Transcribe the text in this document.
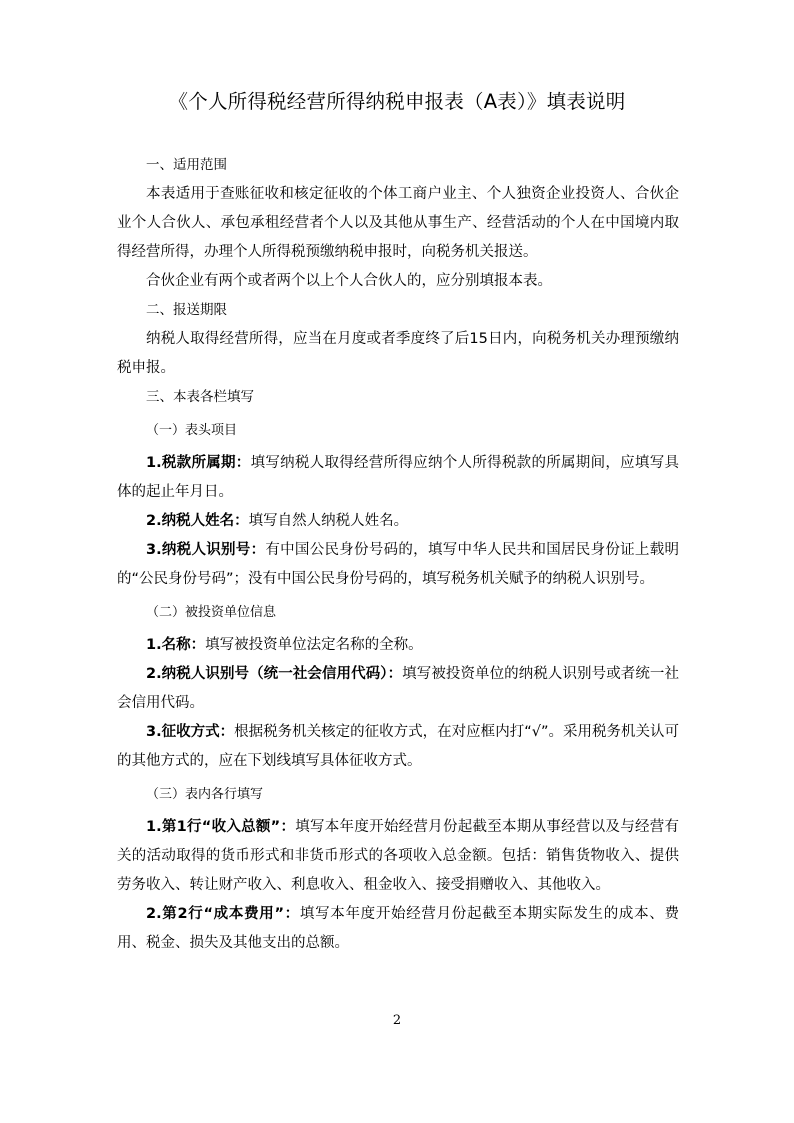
《个人所得税经营所得纳税申报表（A表）》填表说明

一、适用范围

本表适用于查账征收和核定征收的个体工商户业主、个人独资企业投资人、合伙企业个人合伙人、承包承租经营者个人以及其他从事生产、经营活动的个人在中国境内取得经营所得，办理个人所得税预缴纳税申报时，向税务机关报送。

合伙企业有两个或者两个以上个人合伙人的，应分别填报本表。

二、报送期限

纳税人取得经营所得，应当在月度或者季度终了后15日内，向税务机关办理预缴纳税申报。

三、本表各栏填写

（一）表头项目

1.税款所属期：填写纳税人取得经营所得应纳个人所得税款的所属期间，应填写具体的起止年月日。

2.纳税人姓名：填写自然人纳税人姓名。

3.纳税人识别号：有中国公民身份号码的，填写中华人民共和国居民身份证上载明的“公民身份号码”；没有中国公民身份号码的，填写税务机关赋予的纳税人识别号。

（二）被投资单位信息

1.名称：填写被投资单位法定名称的全称。

2.纳税人识别号（统一社会信用代码）：填写被投资单位的纳税人识别号或者统一社会信用代码。

3.征收方式：根据税务机关核定的征收方式，在对应框内打“√”。采用税务机关认可的其他方式的，应在下划线填写具体征收方式。

（三）表内各行填写

1.第1行“收入总额”：填写本年度开始经营月份起截至本期从事经营以及与经营有关的活动取得的货币形式和非货币形式的各项收入总金额。包括：销售货物收入、提供劳务收入、转让财产收入、利息收入、租金收入、接受捐赠收入、其他收入。

2.第2行“成本费用”：填写本年度开始经营月份起截至本期实际发生的成本、费用、税金、损失及其他支出的总额。

2
